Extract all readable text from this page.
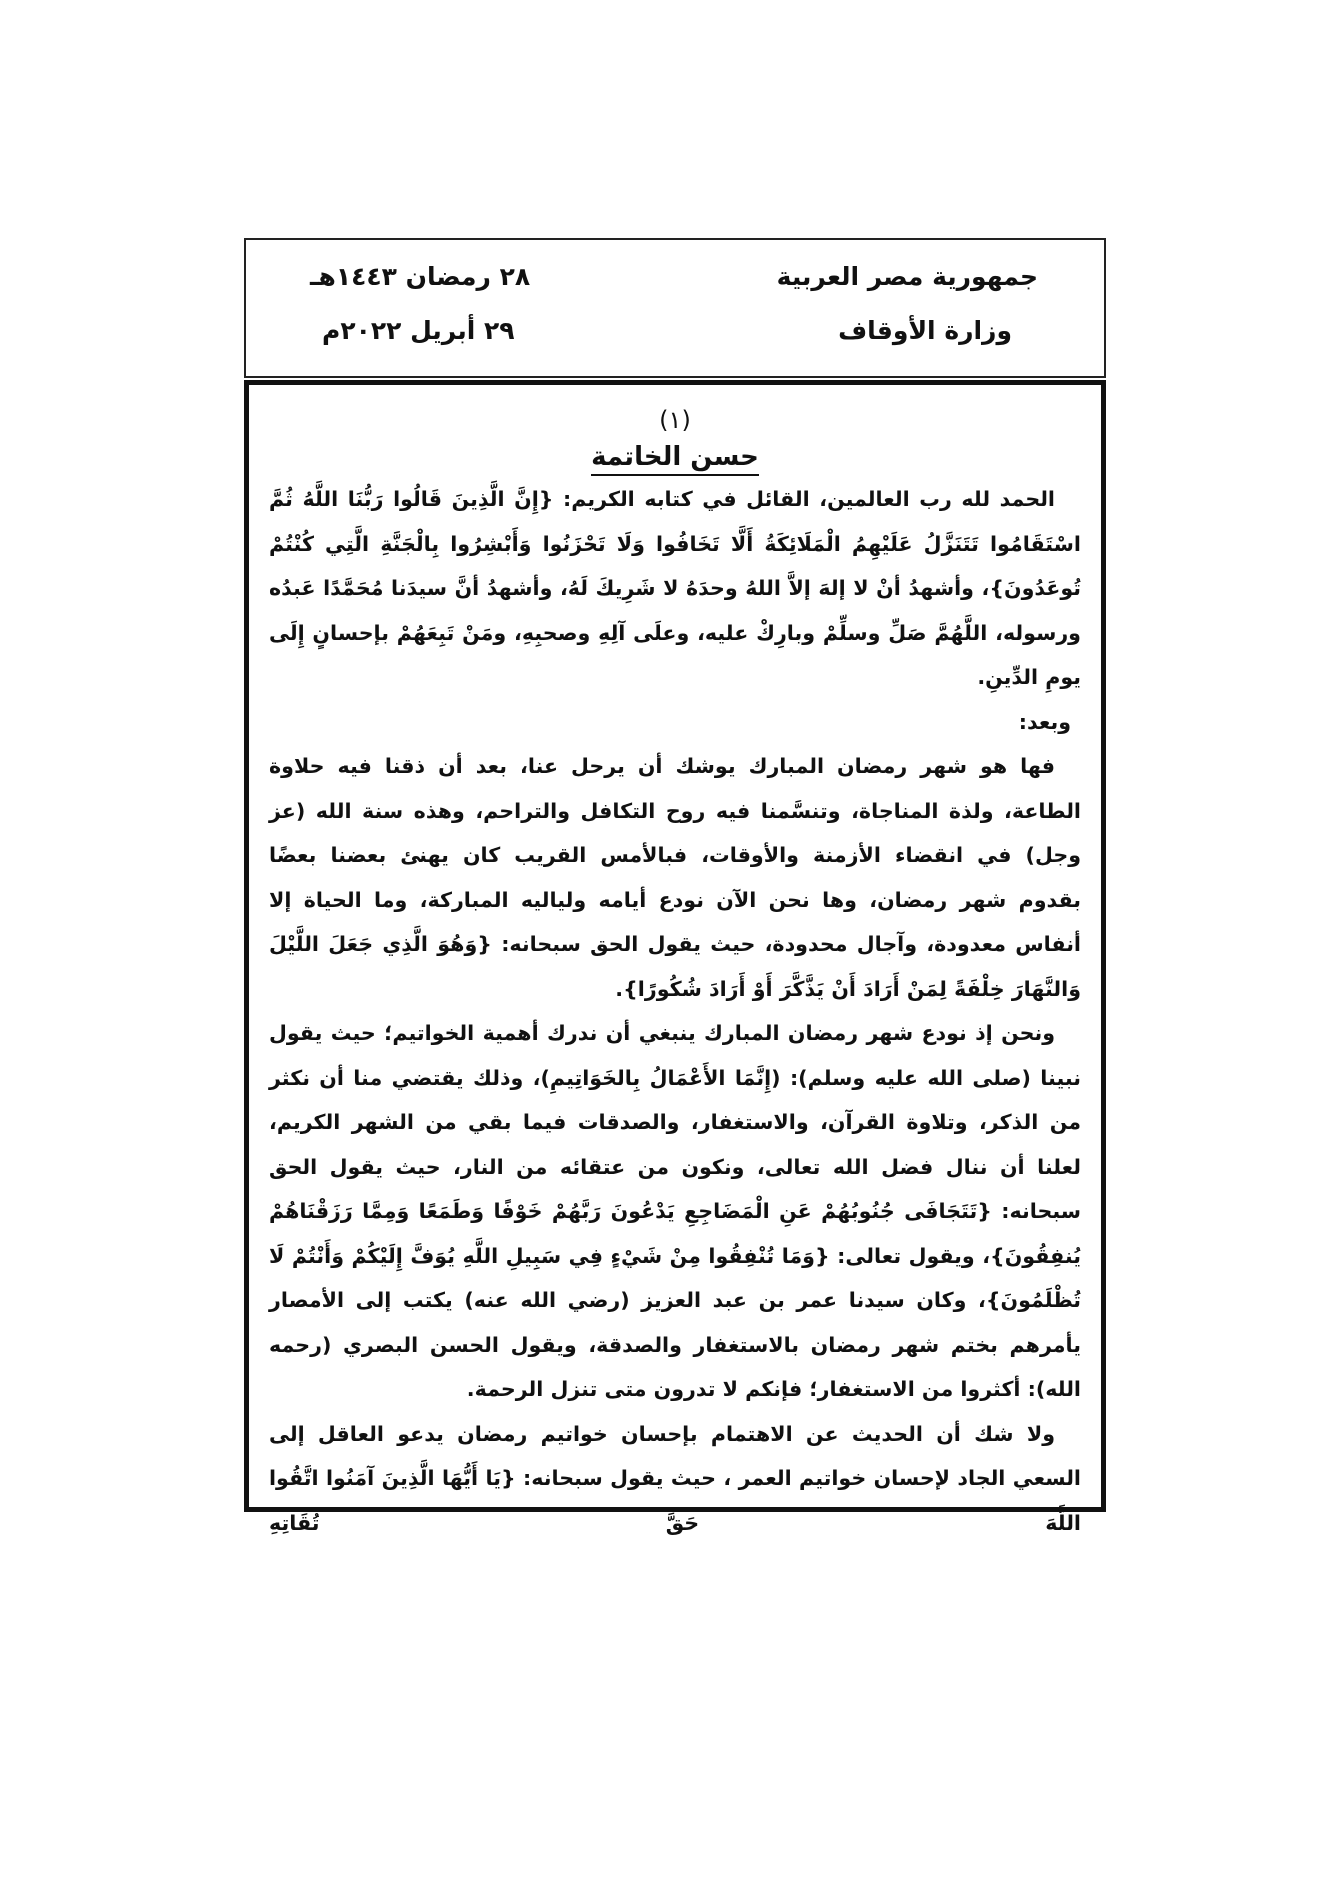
جمهورية مصر العربية
وزارة الأوقاف
٢٨ رمضان ١٤٤٣هـ
٢٩ أبريل ٢٠٢٢م
(١)
حسن الخاتمة

الحمد لله رب العالمين، القائل في كتابه الكريم: {إِنَّ الَّذِينَ قَالُوا رَبُّنَا اللَّهُ ثُمَّ اسْتَقَامُوا تَتَنَزَّلُ عَلَيْهِمُ الْمَلَائِكَةُ أَلَّا تَخَافُوا وَلَا تَحْزَنُوا وَأَبْشِرُوا بِالْجَنَّةِ الَّتِي كُنْتُمْ تُوعَدُونَ}، وأشهدُ أنْ لا إلهَ إلاَّ اللهُ وحدَهُ لا شَرِيكَ لَهُ، وأشهدُ أنَّ سيدَنا مُحَمَّدًا عَبدُه ورسوله، اللَّهُمَّ صَلِّ وسلِّمْ وبارِكْ عليه، وعلَى آلِهِ وصحبِهِ، ومَنْ تَبِعَهُمْ بإحسانٍ إِلَى يومِ الدِّينِ.

وبعد:

فها هو شهر رمضان المبارك يوشك أن يرحل عنا، بعد أن ذقنا فيه حلاوة الطاعة، ولذة المناجاة، وتنسَّمنا فيه روح التكافل والتراحم، وهذه سنة الله (عز وجل) في انقضاء الأزمنة والأوقات، فبالأمس القريب كان يهنئ بعضنا بعضًا بقدوم شهر رمضان، وها نحن الآن نودع أيامه ولياليه المباركة، وما الحياة إلا أنفاس معدودة، وآجال محدودة، حيث يقول الحق سبحانه: {وَهُوَ الَّذِي جَعَلَ اللَّيْلَ وَالنَّهَارَ خِلْفَةً لِمَنْ أَرَادَ أَنْ يَذَّكَّرَ أَوْ أَرَادَ شُكُورًا}.

ونحن إذ نودع شهر رمضان المبارك ينبغي أن ندرك أهمية الخواتيم؛ حيث يقول نبينا (صلى الله عليه وسلم): (إِنَّمَا الأَعْمَالُ بِالخَوَاتِيمِ)، وذلك يقتضي منا أن نكثر من الذكر، وتلاوة القرآن، والاستغفار، والصدقات فيما بقي من الشهر الكريم، لعلنا أن ننال فضل الله تعالى، ونكون من عتقائه من النار، حيث يقول الحق سبحانه: {تَتَجَافَى جُنُوبُهُمْ عَنِ الْمَضَاجِعِ يَدْعُونَ رَبَّهُمْ خَوْفًا وَطَمَعًا وَمِمَّا رَزَقْنَاهُمْ يُنفِقُونَ}، ويقول تعالى: {وَمَا تُنْفِقُوا مِنْ شَيْءٍ فِي سَبِيلِ اللَّهِ يُوَفَّ إِلَيْكُمْ وَأَنْتُمْ لَا تُظْلَمُونَ}، وكان سيدنا عمر بن عبد العزيز (رضي الله عنه) يكتب إلى الأمصار يأمرهم بختم شهر رمضان بالاستغفار والصدقة، ويقول الحسن البصري (رحمه الله): أكثروا من الاستغفار؛ فإنكم لا تدرون متى تنزل الرحمة.

ولا شك أن الحديث عن الاهتمام بإحسان خواتيم رمضان يدعو العاقل إلى السعي الجاد لإحسان خواتيم العمر ، حيث يقول سبحانه: {يَا أَيُّهَا الَّذِينَ آمَنُوا اتَّقُوا اللَّهَ حَقَّ تُقَاتِهِ
